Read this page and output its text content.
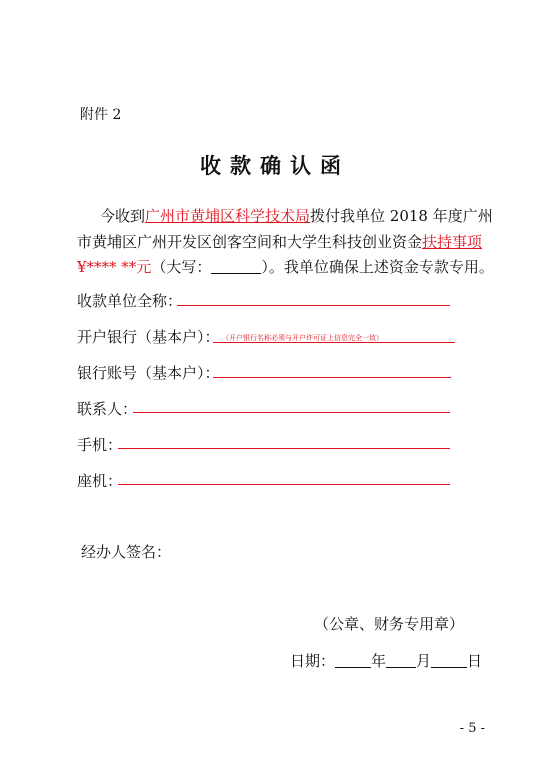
附件 2
收款确认函
今收到广州市黄埔区科学技术局拨付我单位 2018 年度广州
市黄埔区广州开发区创客空间和大学生科技创业资金扶持事项
¥**** **元（大写：	）。我单位确保上述资金专款专用。
收款单位全称：
开户银行（基本户）： （开户银行名称必须与开户许可证上信息完全一致）
银行账号（基本户）：
联系人：
手机：
座机：
经办人签名：
（公章、财务专用章）
日期： 年 月 日
- 5 -
